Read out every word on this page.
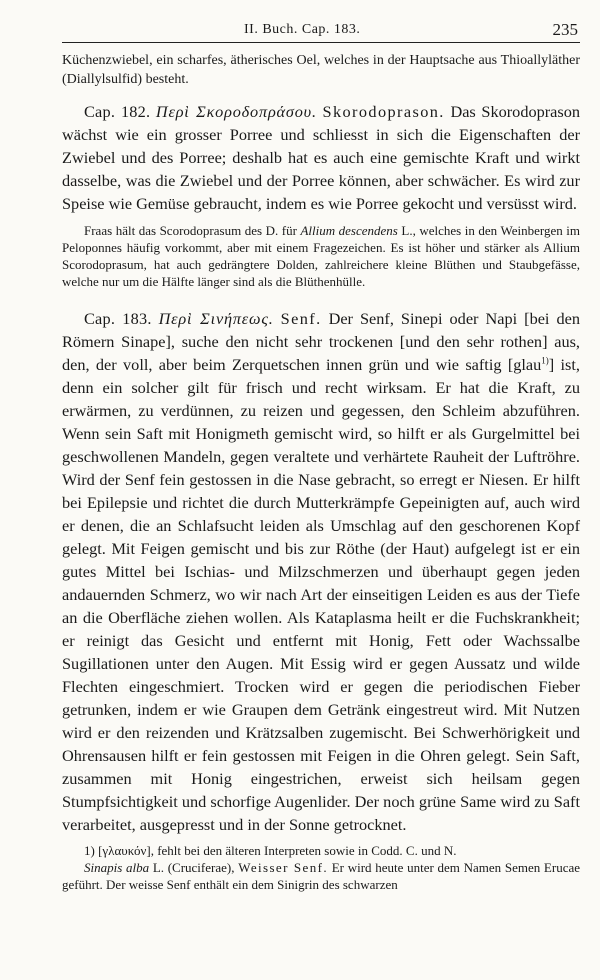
II. Buch. Cap. 183.	235

Küchenzwiebel, ein scharfes, ätherisches Oel, welches in der Hauptsache aus Thioallyläther (Diallylsulfid) besteht.

Cap. 182. Περὶ Σκοροδοπράσου. Skorodoprason. Das Skorodoprason wächst wie ein grosser Porree und schliesst in sich die Eigenschaften der Zwiebel und des Porree; deshalb hat es auch eine gemischte Kraft und wirkt dasselbe, was die Zwiebel und der Porree können, aber schwächer. Es wird zur Speise wie Gemüse gebraucht, indem es wie Porree gekocht und versüsst wird.

Fraas hält das Scorodoprasum des D. für Allium descendens L., welches in den Weinbergen im Peloponnes häufig vorkommt, aber mit einem Fragezeichen. Es ist höher und stärker als Allium Scorodoprasum, hat auch gedrängtere Dolden, zahlreichere kleine Blüthen und Staubgefässe, welche nur um die Hälfte länger sind als die Blüthenhülle.

Cap. 183. Περὶ Σινήπεως. Senf. Der Senf, Sinepi oder Napi [bei den Römern Sinape], suche den nicht sehr trockenen [und den sehr rothen] aus, den, der voll, aber beim Zerquetschen innen grün und wie saftig [glau$^{1)}$] ist, denn ein solcher gilt für frisch und recht wirksam. Er hat die Kraft, zu erwärmen, zu verdünnen, zu reizen und gegessen, den Schleim abzuführen. Wenn sein Saft mit Honigmeth gemischt wird, so hilft er als Gurgelmittel bei geschwollenen Mandeln, gegen veraltete und verhärtete Rauheit der Luftröhre. Wird der Senf fein gestossen in die Nase gebracht, so erregt er Niesen. Er hilft bei Epilepsie und richtet die durch Mutterkrämpfe Gepeinigten auf, auch wird er denen, die an Schlafsucht leiden als Umschlag auf den geschorenen Kopf gelegt. Mit Feigen gemischt und bis zur Röthe (der Haut) aufgelegt ist er ein gutes Mittel bei Ischias- und Milzschmerzen und überhaupt gegen jeden andauernden Schmerz, wo wir nach Art der einseitigen Leiden es aus der Tiefe an die Oberfläche ziehen wollen. Als Kataplasma heilt er die Fuchskrankheit; er reinigt das Gesicht und entfernt mit Honig, Fett oder Wachssalbe Sugillationen unter den Augen. Mit Essig wird er gegen Aussatz und wilde Flechten eingeschmiert. Trocken wird er gegen die periodischen Fieber getrunken, indem er wie Graupen dem Getränk eingestreut wird. Mit Nutzen wird er den reizenden und Krätzsalben zugemischt. Bei Schwerhörigkeit und Ohrensausen hilft er fein gestossen mit Feigen in die Ohren gelegt. Sein Saft, zusammen mit Honig eingestrichen, erweist sich heilsam gegen Stumpfsichtigkeit und schorfige Augenlider. Der noch grüne Same wird zu Saft verarbeitet, ausgepresst und in der Sonne getrocknet.

1) [γλαυκόν], fehlt bei den älteren Interpreten sowie in Codd. C. und N.

Sinapis alba L. (Cruciferae), Weisser Senf. Er wird heute unter dem Namen Semen Erucae geführt. Der weisse Senf enthält ein dem Sinigrin des schwarzen
